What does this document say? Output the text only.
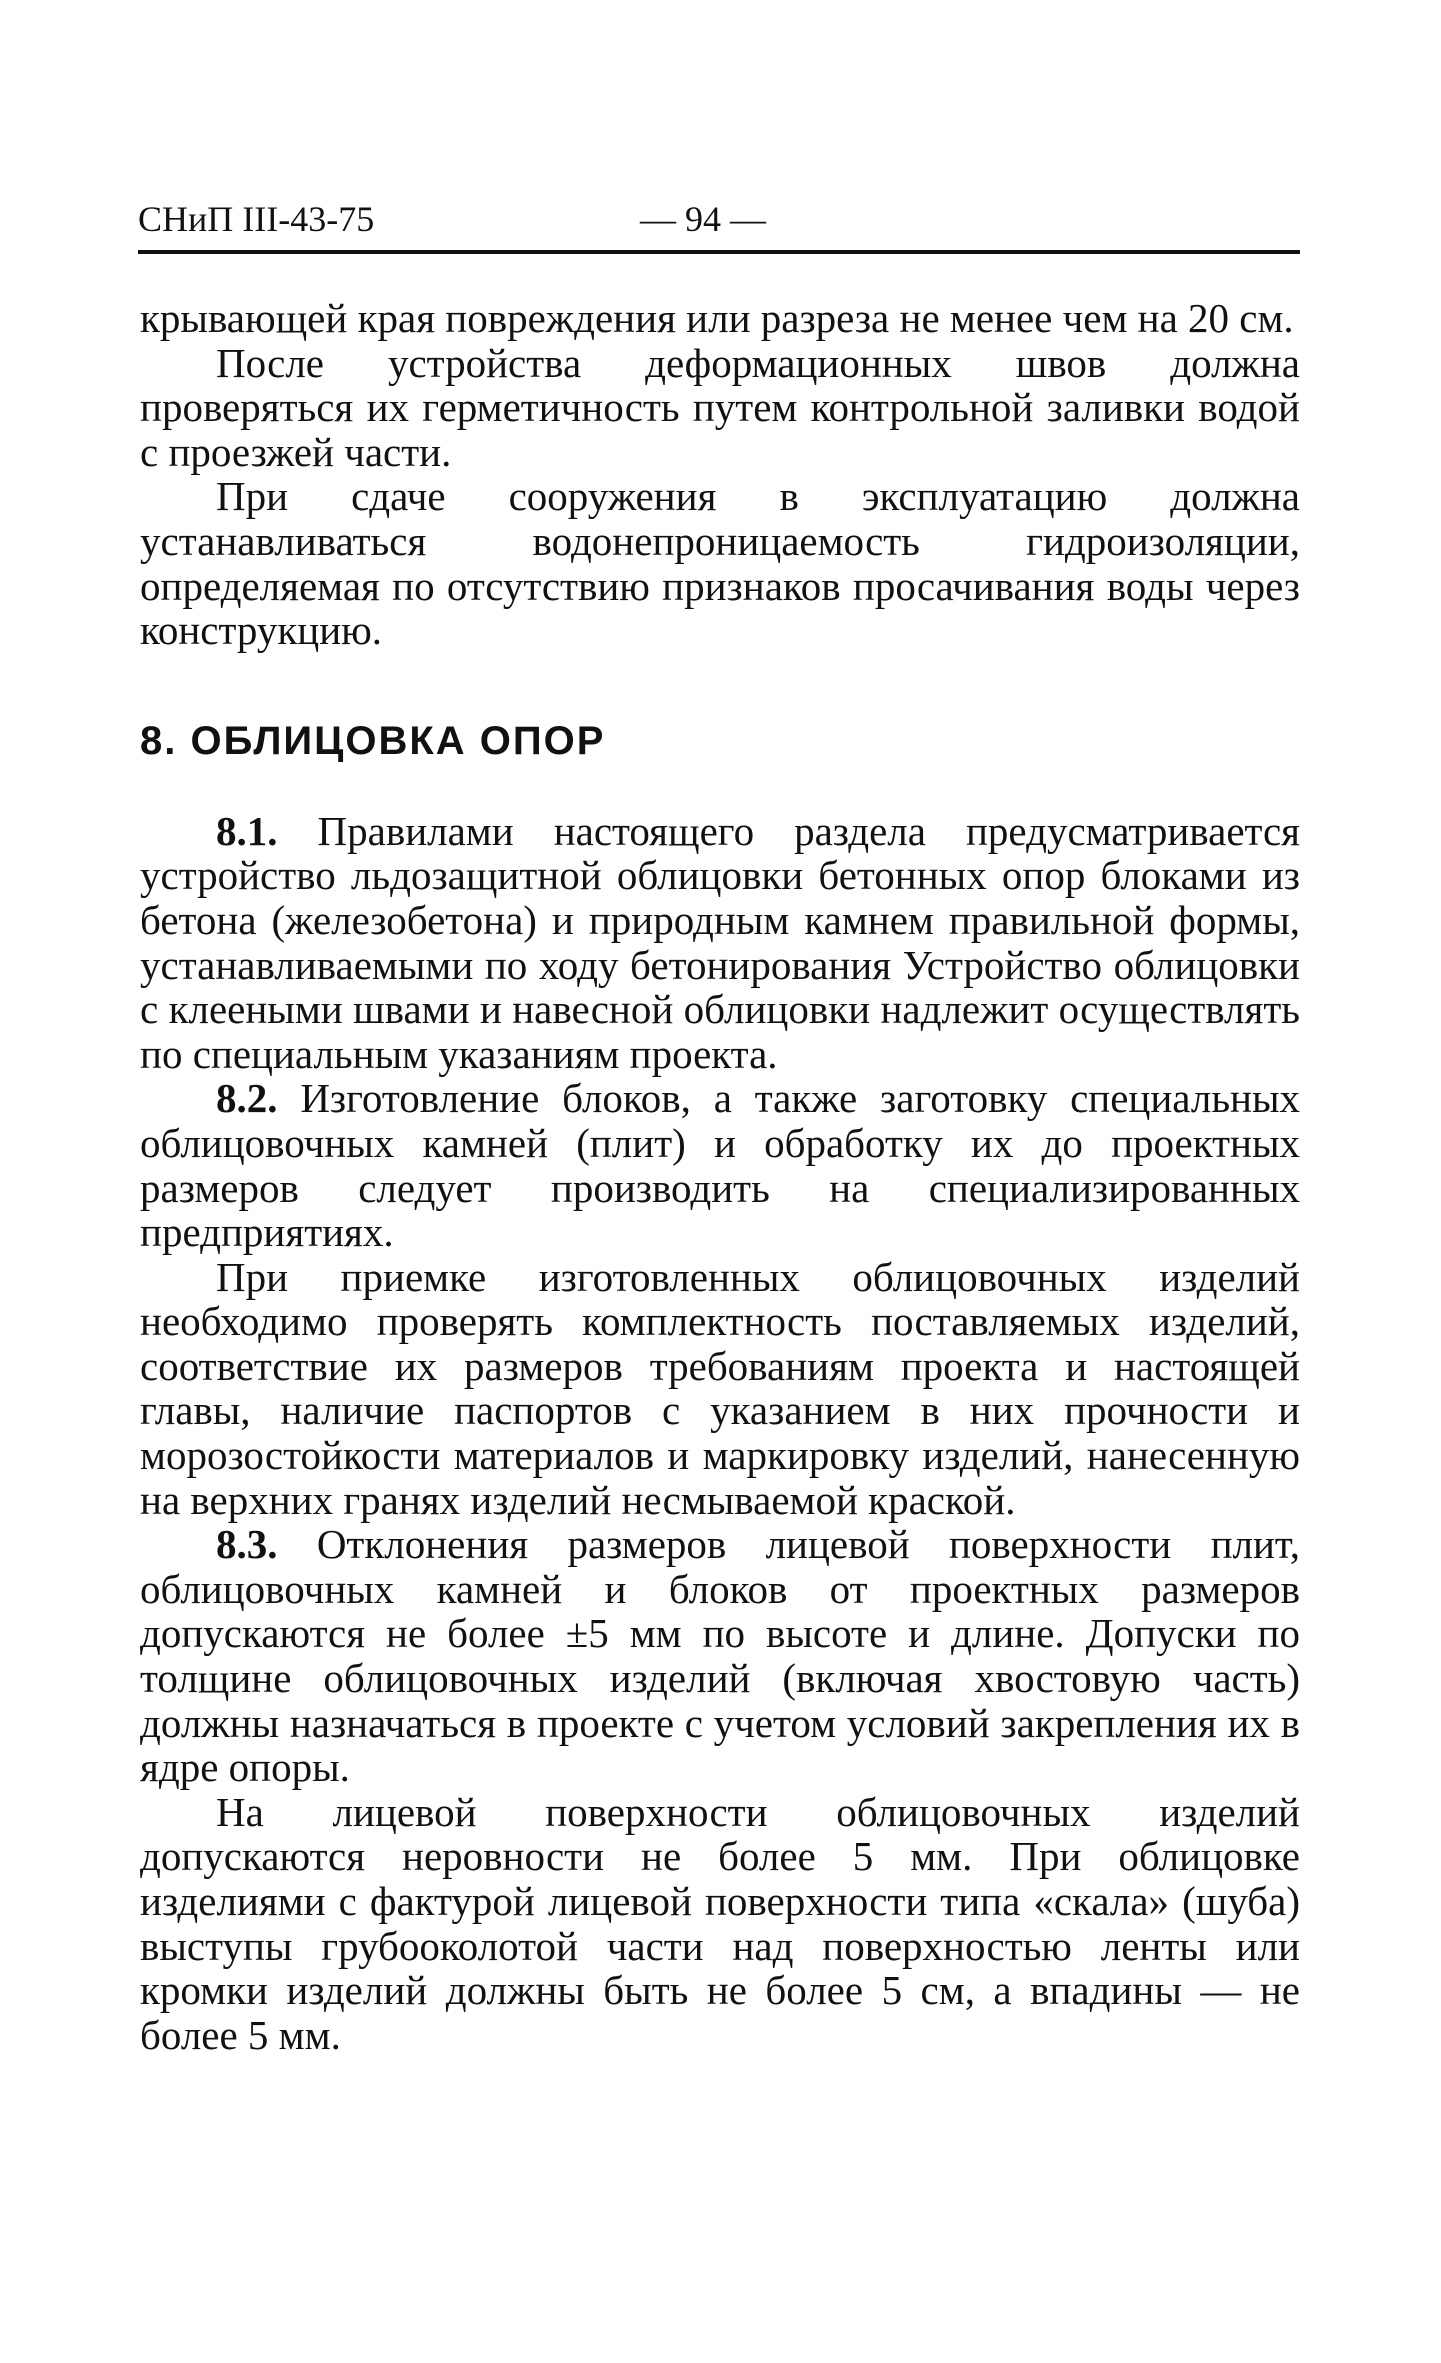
СНиП III-43-75	— 94 —

крывающей края повреждения или разреза не менее чем на 20 см.

После устройства деформационных швов должна проверяться их герметичность путем контрольной заливки водой с проезжей части.

При сдаче сооружения в эксплуатацию должна устанавливаться водонепроницаемость гидроизоляции, определяемая по отсутствию признаков просачивания воды через конструкцию.

8. ОБЛИЦОВКА ОПОР

8.1. Правилами настоящего раздела предусматривается устройство льдозащитной облицовки бетонных опор блоками из бетона (железобетона) и природным камнем правильной формы, устанавливаемыми по ходу бетонирования Устройство облицовки с клееными швами и навесной облицовки надлежит осуществлять по специальным указаниям проекта.

8.2. Изготовление блоков, а также заготовку специальных облицовочных камней (плит) и обработку их до проектных размеров следует производить на специализированных предприятиях.

При приемке изготовленных облицовочных изделий необходимо проверять комплектность поставляемых изделий, соответствие их размеров требованиям проекта и настоящей главы, наличие паспортов с указанием в них прочности и морозостойкости материалов и маркировку изделий, нанесенную на верхних гранях изделий несмываемой краской.

8.3. Отклонения размеров лицевой поверхности плит, облицовочных камней и блоков от проектных размеров допускаются не более ±5 мм по высоте и длине. Допуски по толщине облицовочных изделий (включая хвостовую часть) должны назначаться в проекте с учетом условий закрепления их в ядре опоры.

На лицевой поверхности облицовочных изделий допускаются неровности не более 5 мм. При облицовке изделиями с фактурой лицевой поверхности типа «скала» (шуба) выступы грубооколотой части над поверхностью ленты или кромки изделий должны быть не более 5 см, а впадины — не более 5 мм.
